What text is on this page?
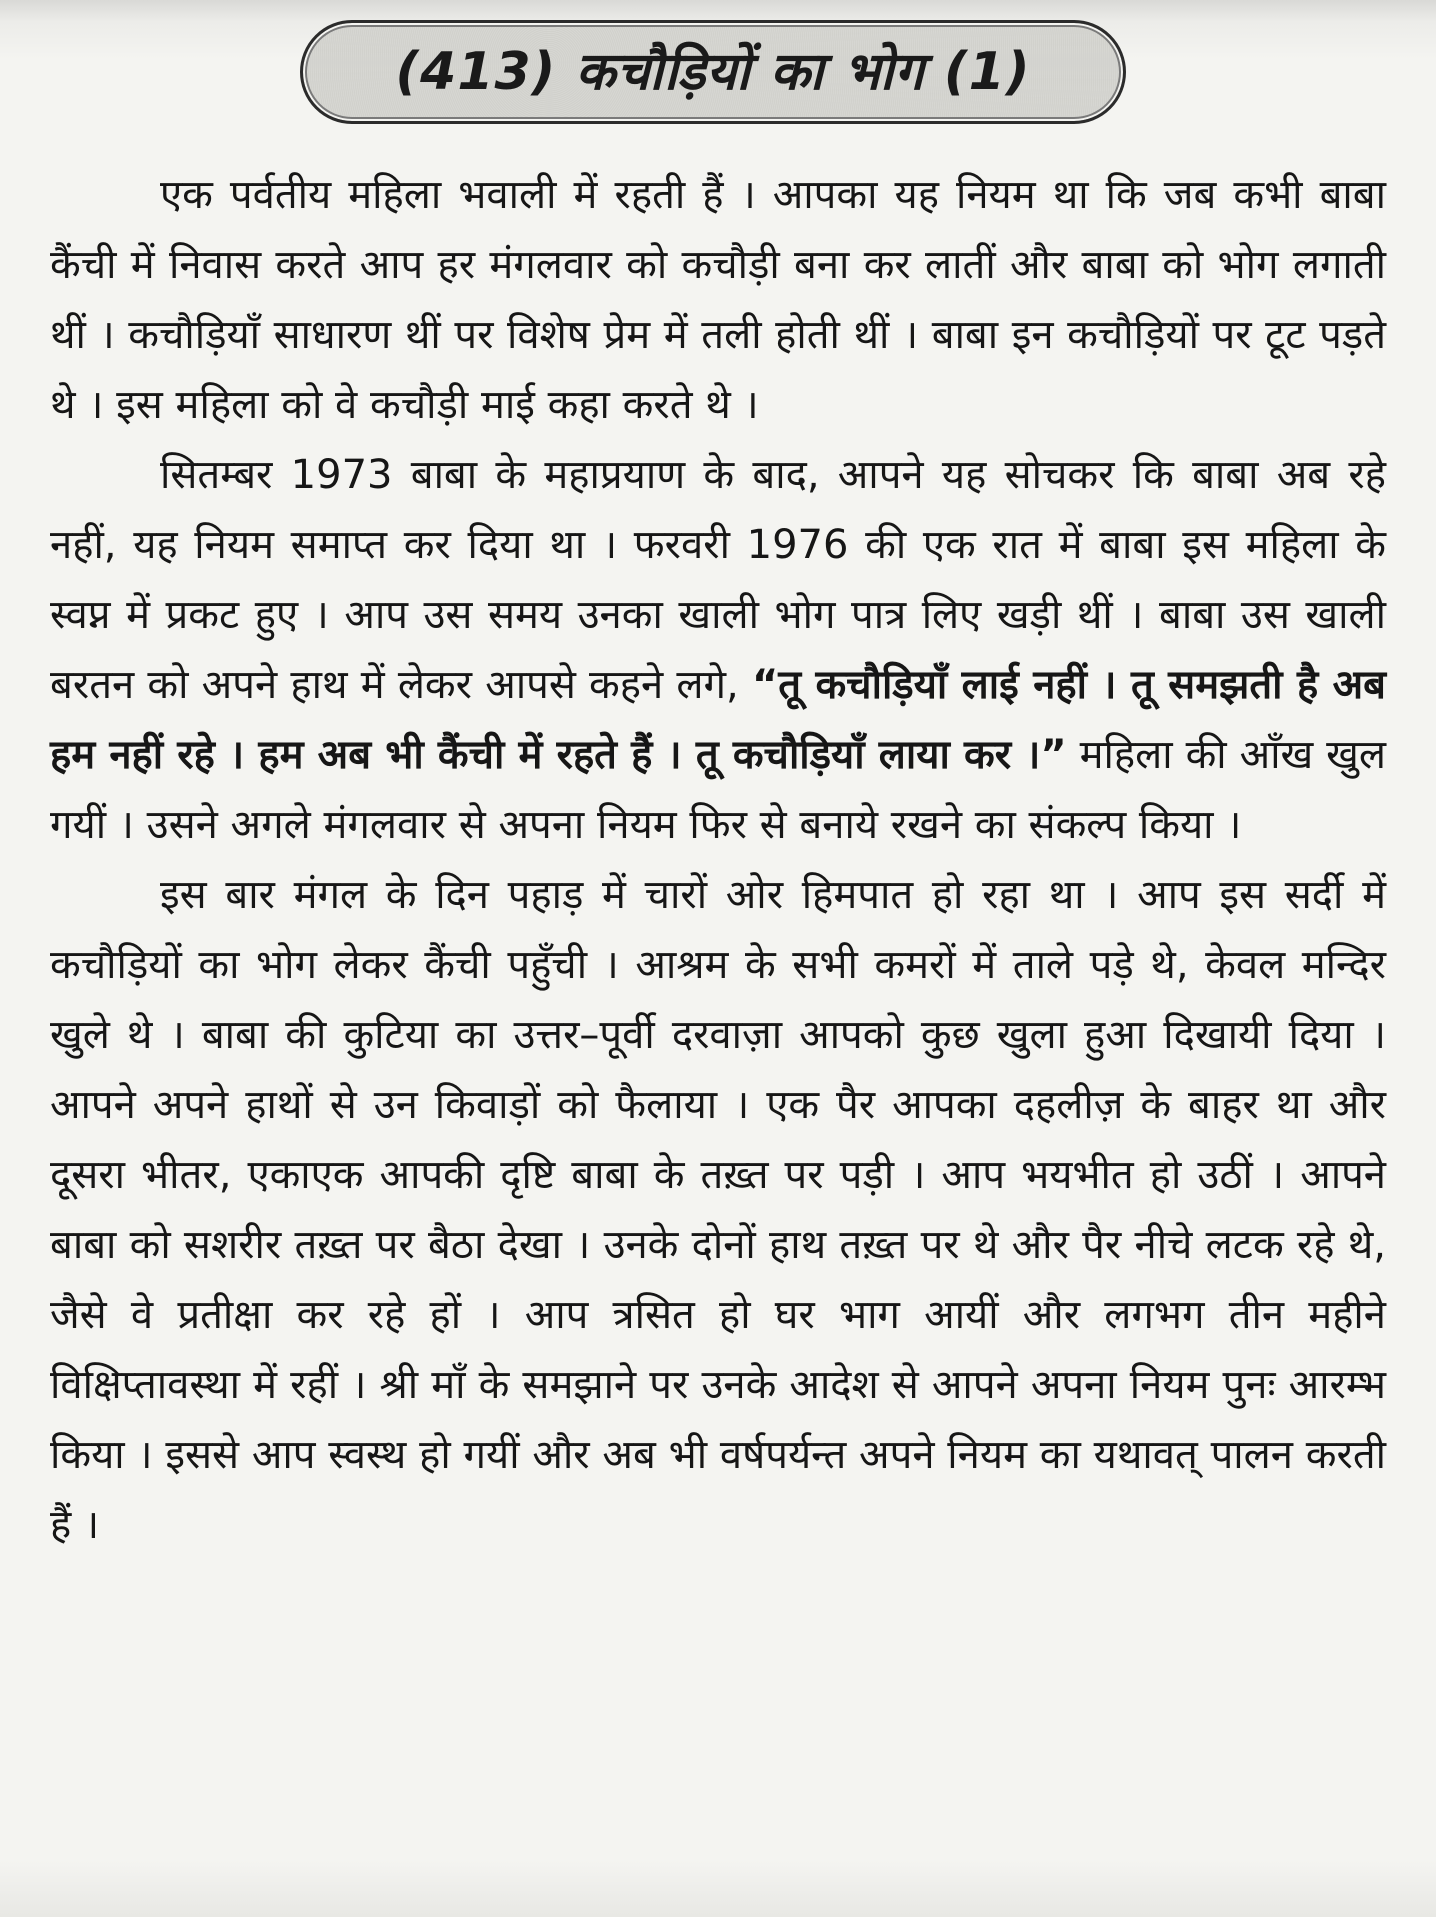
(413) कचौड़ियों का भोग (1)

एक पर्वतीय महिला भवाली में रहती हैं । आपका यह नियम था कि जब कभी बाबा कैंची में निवास करते आप हर मंगलवार को कचौड़ी बना कर लातीं और बाबा को भोग लगाती थीं । कचौड़ियाँ साधारण थीं पर विशेष प्रेम में तली होती थीं । बाबा इन कचौड़ियों पर टूट पड़ते थे । इस महिला को वे कचौड़ी माई कहा करते थे ।

सितम्बर 1973 बाबा के महाप्रयाण के बाद, आपने यह सोचकर कि बाबा अब रहे नहीं, यह नियम समाप्त कर दिया था । फरवरी 1976 की एक रात में बाबा इस महिला के स्वप्न में प्रकट हुए । आप उस समय उनका खाली भोग पात्र लिए खड़ी थीं । बाबा उस खाली बरतन को अपने हाथ में लेकर आपसे कहने लगे, “तू कचौड़ियाँ लाई नहीं । तू समझती है अब हम नहीं रहे । हम अब भी कैंची में रहते हैं । तू कचौड़ियाँ लाया कर ।” महिला की आँख खुल गयीं । उसने अगले मंगलवार से अपना नियम फिर से बनाये रखने का संकल्प किया ।

इस बार मंगल के दिन पहाड़ में चारों ओर हिमपात हो रहा था । आप इस सर्दी में कचौड़ियों का भोग लेकर कैंची पहुँची । आश्रम के सभी कमरों में ताले पड़े थे, केवल मन्दिर खुले थे । बाबा की कुटिया का उत्तर–पूर्वी दरवाज़ा आपको कुछ खुला हुआ दिखायी दिया । आपने अपने हाथों से उन किवाड़ों को फैलाया । एक पैर आपका दहलीज़ के बाहर था और दूसरा भीतर, एकाएक आपकी दृष्टि बाबा के तख़्त पर पड़ी । आप भयभीत हो उठीं । आपने बाबा को सशरीर तख़्त पर बैठा देखा । उनके दोनों हाथ तख़्त पर थे और पैर नीचे लटक रहे थे, जैसे वे प्रतीक्षा कर रहे हों । आप त्रसित हो घर भाग आयीं और लगभग तीन महीने विक्षिप्तावस्था में रहीं । श्री माँ के समझाने पर उनके आदेश से आपने अपना नियम पुनः आरम्भ किया । इससे आप स्वस्थ हो गयीं और अब भी वर्षपर्यन्त अपने नियम का यथावत् पालन करती हैं ।
